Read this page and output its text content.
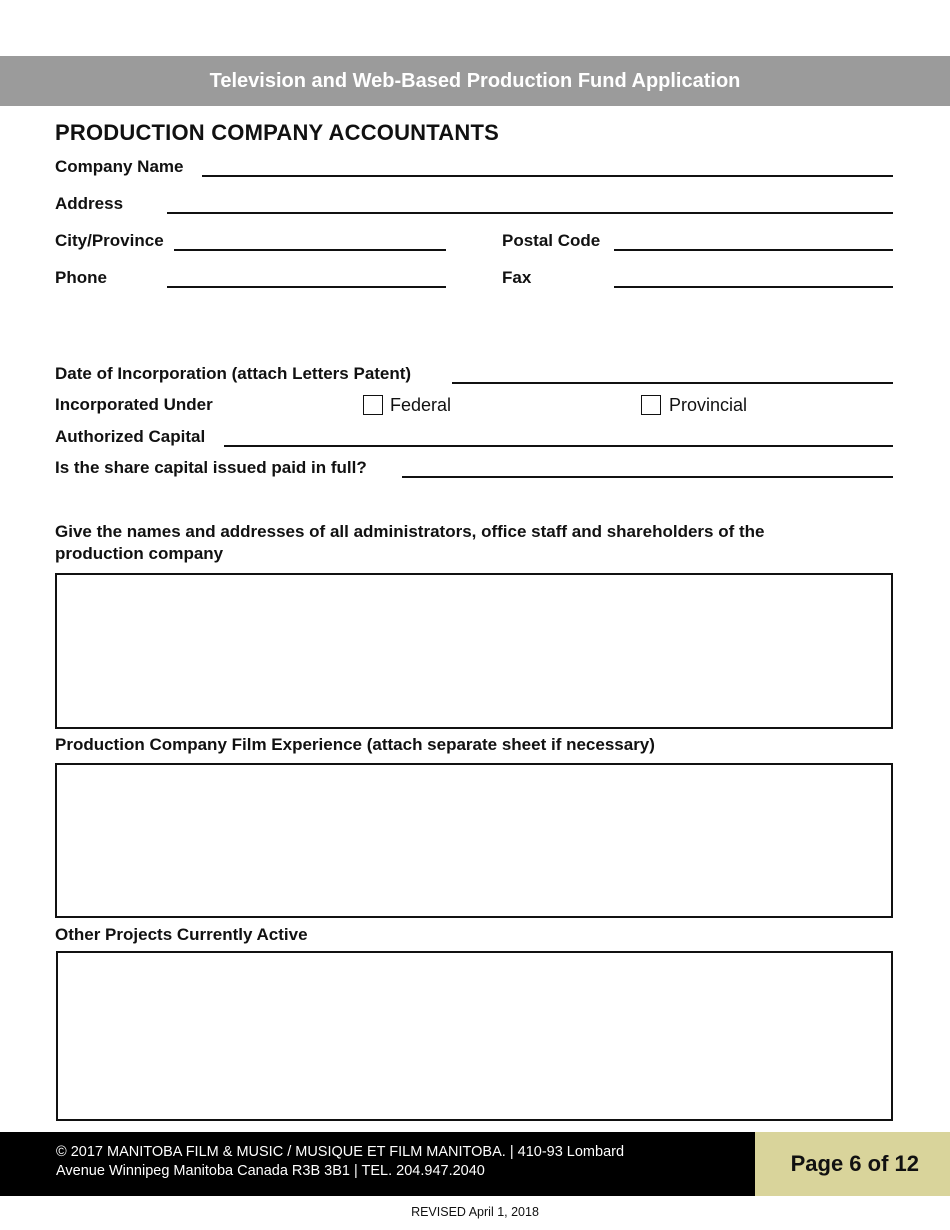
Television and Web-Based Production Fund Application
PRODUCTION COMPANY ACCOUNTANTS
Company Name
Address
City/Province	Postal Code
Phone	Fax
Date of Incorporation (attach Letters Patent)
Incorporated Under	Federal	Provincial
Authorized Capital
Is the share capital issued paid in full?
Give the names and addresses of all administrators, office staff and shareholders of the
production company
Production Company Film Experience (attach separate sheet if necessary)
Other Projects Currently Active
© 2017 MANITOBA FILM & MUSIC / MUSIQUE ET FILM MANITOBA. | 410-93 Lombard
Avenue Winnipeg Manitoba Canada R3B 3B1 | TEL. 204.947.2040	Page 6 of 12
REVISED April 1, 2018
